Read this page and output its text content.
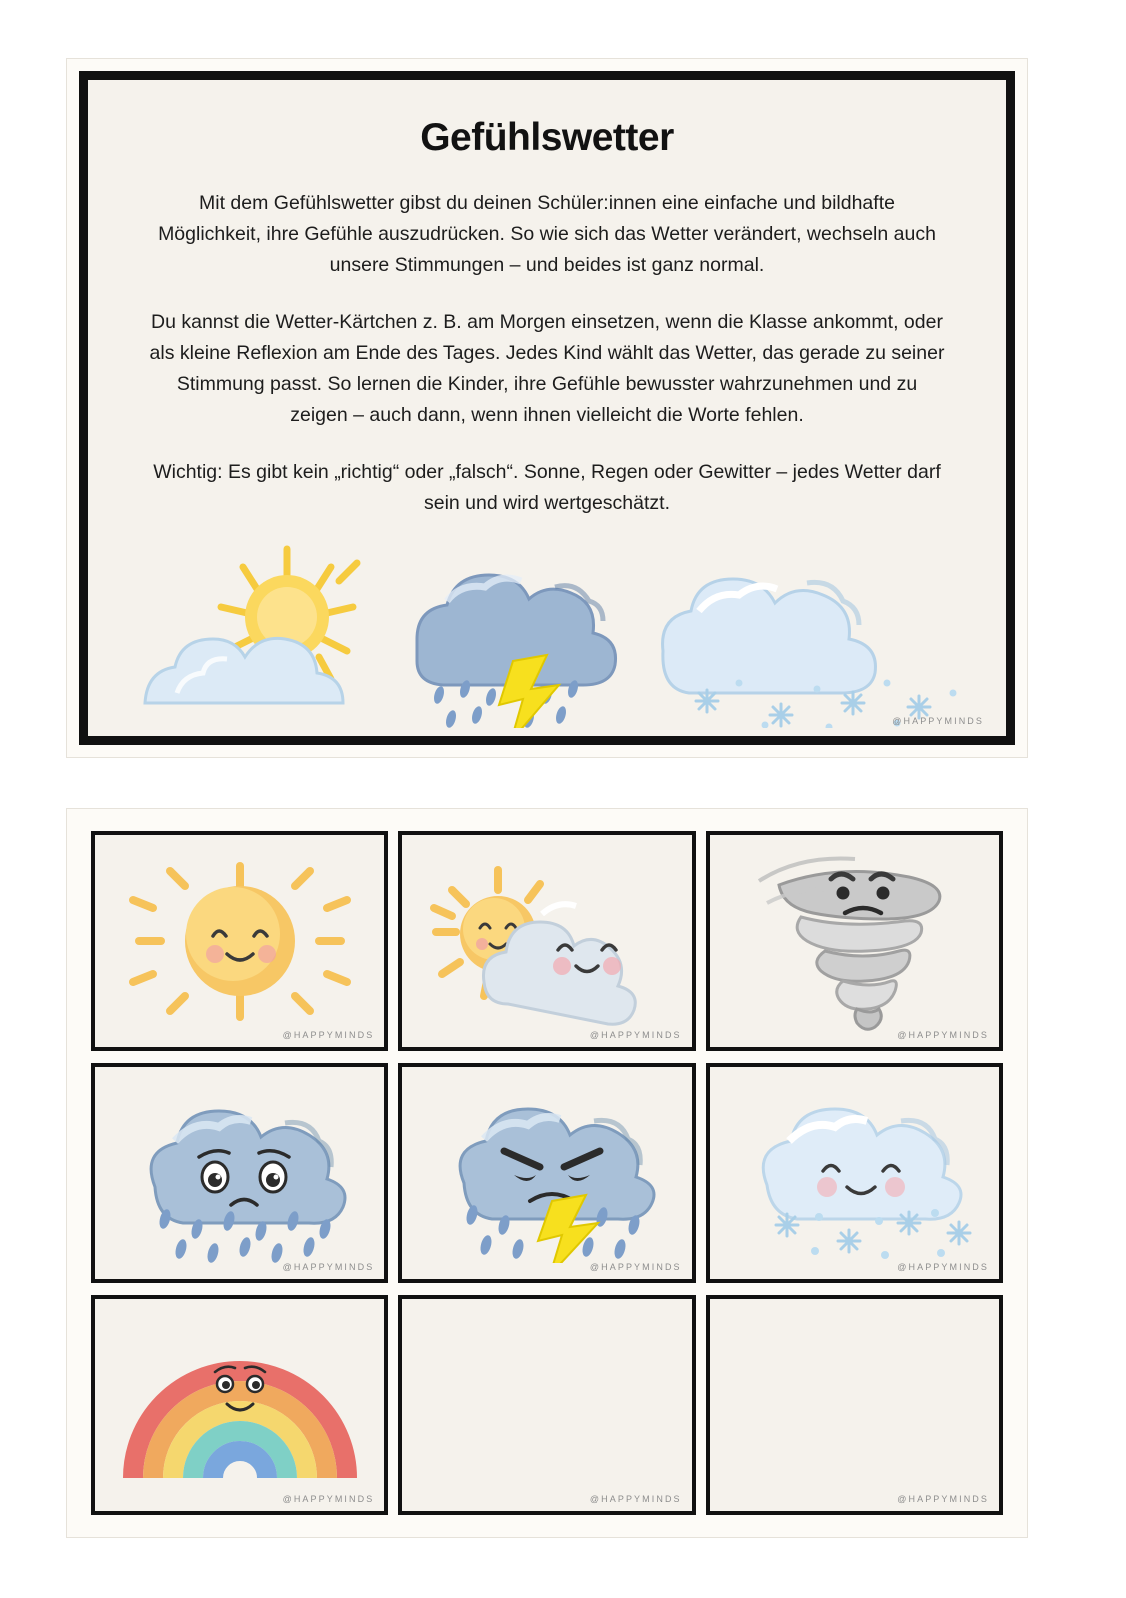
Gefühlswetter

Mit dem Gefühlswetter gibst du deinen Schüler:innen eine einfache und bildhafte Möglichkeit, ihre Gefühle auszudrücken. So wie sich das Wetter verändert, wechseln auch unsere Stimmungen – und beides ist ganz normal.

Du kannst die Wetter-Kärtchen z. B. am Morgen einsetzen, wenn die Klasse ankommt, oder als kleine Reflexion am Ende des Tages. Jedes Kind wählt das Wetter, das gerade zu seiner Stimmung passt. So lernen die Kinder, ihre Gefühle bewusster wahrzunehmen und zu zeigen – auch dann, wenn ihnen vielleicht die Worte fehlen.

Wichtig: Es gibt kein „richtig“ oder „falsch“. Sonne, Regen oder Gewitter – jedes Wetter darf sein und wird wertgeschätzt.

@HAPPYMINDS
@HAPPYMINDS	@HAPPYMINDS	@HAPPYMINDS
@HAPPYMINDS	@HAPPYMINDS	@HAPPYMINDS
@HAPPYMINDS	@HAPPYMINDS	@HAPPYMINDS
